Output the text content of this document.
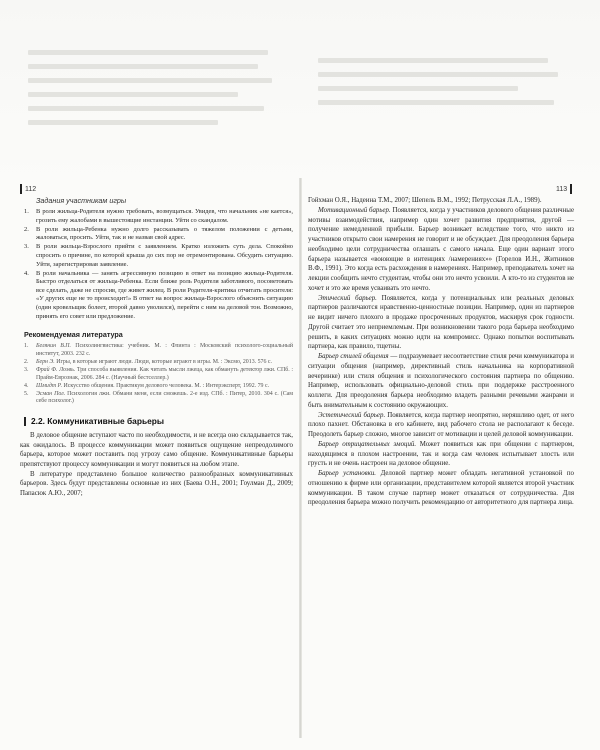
112	113
Задания участникам игры
1. В роли жильца-Родителя нужно требовать, возмущаться. Увидев, что начальник «не кается», грозить ему жалобами в вышестоящие инстанции. Уйти со скандалом.
2. В роли жильца-Ребенка нужно долго рассказывать о тяжелом положении с детьми, жаловаться, просить. Уйти, так и не назвав свой адрес.
3. В роли жильца-Взрослого прийти с заявлением. Кратко изложить суть дела. Спокойно спросить о причине, по которой крыша до сих пор не отремонтирована. Обсудить ситуацию. Уйти, зарегистрировав заявление.
4. В роли начальника — занять агрессивную позицию в ответ на позицию жильца-Родителя. Быстро отделаться от жильца-Ребенка. Если ближе роль Родителя заботливого, посоветовать все сделать, даже не спросив, где живет жилец. В роли Родителя-критика отчитать просителя: «У других еще не то происходит!» В ответ на вопрос жильца-Взрослого объяснить ситуацию (один кровельщик болеет, второй давно уволился), перейти с ним на деловой тон. Возможно, принять его совет или предложение.
Рекомендуемая литература
1. Белянин В.П. Психолингвистика: учебник. М. : Флинта : Московский психолого-социальный институт, 2003. 232 с.
2. Берн Э. Игры, в которые играют люди. Люди, которые играют в игры. М. : Эксмо, 2013. 576 с.
3. Фрай Ф. Лоэвь. Три способа выявления. Как читать мысли лжеца, как обмануть детектор лжи. СПб. : Прайм-Еврознак, 2006. 284 с. (Научный бестселлер.)
4. Шмидт Р. Искусство общения. Практикум делового человека. М. : Интерэксперт, 1992. 79 с.
5. Эсман Пол. Психология лжи. Обмани меня, если сможешь. 2-е изд. СПб. : Питер, 2010. 304 с. (Сам себе психолог.)
2.2. Коммуникативные барьеры

В деловое общение вступают часто по необходимости, и не всегда оно складывается так, как ожидалось. В процессе коммуникации может появиться ощущение непреодолимого барьера, которое может поставить под угрозу само общение. Коммуникативные барьеры препятствуют процессу коммуникации и могут появиться на любом этапе.

В литературе представлено большое количество разнообразных коммуникативных барьеров. Здесь будут представлены основные из них (Баева О.Н., 2001; Гоулман Д., 2009; Папасюк А.Ю., 2007;

Гойхман О.Я., Надеина Т.М., 2007; Шепель В.М., 1992; Петрусская Л.А., 1989).

Мотивационный барьер. Появляется, когда у участников делового общения различные мотивы взаимодействия, например один хочет развития предприятия, другой — получение немедленной прибыли. Барьер возникает вследствие того, что никто из участников открыто свои намерения не говорит и не обсуждает. Для преодоления барьера необходимо цели сотрудничества оглашать с самого начала. Еще один вариант этого барьера называется «воюющие в интенциях /намерениях»» (Горелов И.Н., Житников В.Ф., 1991). Это когда есть расхождения в намерениях. Например, преподаватель хочет на лекции сообщить нечто студентам, чтобы они это нечто усвоили. А кто-то из студентов не хочет и это же время усваивать это нечто.

Этический барьер. Появляется, когда у потенциальных или реальных деловых партнеров различаются нравственно-ценностные позиции. Например, один из партнеров не видит ничего плохого в продаже просроченных продуктов, маскируя срок годности. Другой считает это неприемлемым. При возникновении такого рода барьера необходимо решить, в каких ситуациях можно идти на компромисс. Однако попытки воспитывать партнера, как правило, тщетны.

Барьер стилей общения — подразумевает несоответствие стиля речи коммуникатора и ситуации общения (например, директивный стиль начальника на корпоративной вечеринке) или стиля общения и психологического состояния партнера по общению. Например, использовать официально-деловой стиль при поддержке расстроенного коллеги. Для преодоления барьера необходимо владеть разными речевыми жанрами и быть внимательным к состоянию окружающих.

Эстетический барьер. Появляется, когда партнер неопрятно, неряшливо одет, от него плохо пахнет. Обстановка в его кабинете, вид рабочего стола не располагают к беседе. Преодолеть барьер сложно, многое зависит от мотивации и целей деловой коммуникации.

Барьер отрицательных эмоций. Может появиться как при общении с партнером, находящимся в плохом настроении, так и когда сам человек испытывает злость или грусть и не очень настроен на деловое общение.

Барьер установки. Деловой партнер может обладать негативной установкой по отношению к фирме или организации, представителем которой является второй участник коммуникации. В таком случае партнер может отказаться от сотрудничества. Для преодоления барьера можно получить рекомендацию от авторитетного для партнера лица.
